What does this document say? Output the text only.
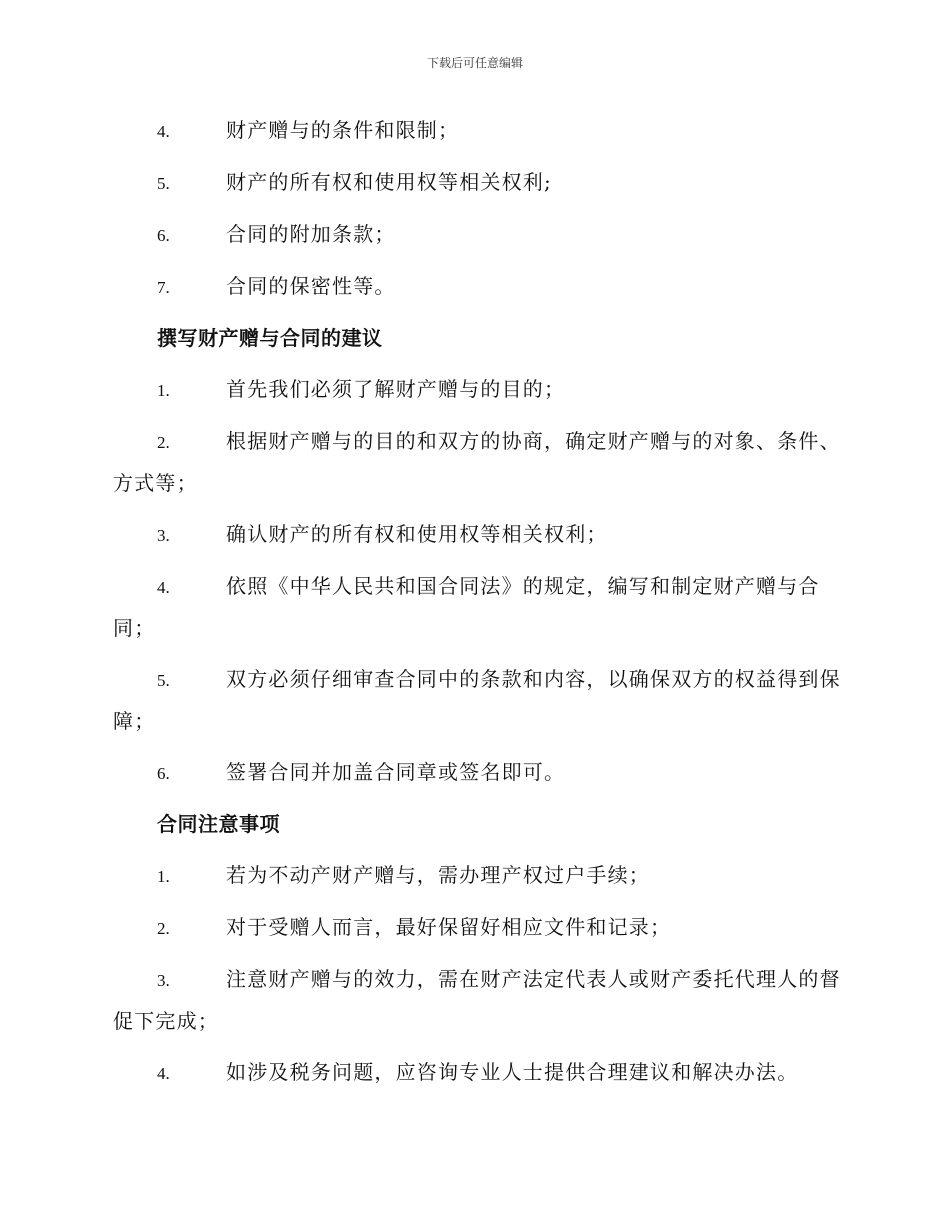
下载后可任意编辑
4.	财产赠与的条件和限制；
5.	财产的所有权和使用权等相关权利;
6.	合同的附加条款；
7.	合同的保密性等。
撰写财产赠与合同的建议
1.	首先我们必须了解财产赠与的目的；
2.	根据财产赠与的目的和双方的协商，确定财产赠与的对象、条件、方式等；
3.	确认财产的所有权和使用权等相关权利；
4.	依照《中华人民共和国合同法》的规定，编写和制定财产赠与合同；
5.	双方必须仔细审查合同中的条款和内容，以确保双方的权益得到保障；
6.	签署合同并加盖合同章或签名即可。
合同注意事项
1.	若为不动产财产赠与，需办理产权过户手续；
2.	对于受赠人而言，最好保留好相应文件和记录；
3.	注意财产赠与的效力，需在财产法定代表人或财产委托代理人的督促下完成；
4.	如涉及税务问题，应咨询专业人士提供合理建议和解决办法。
